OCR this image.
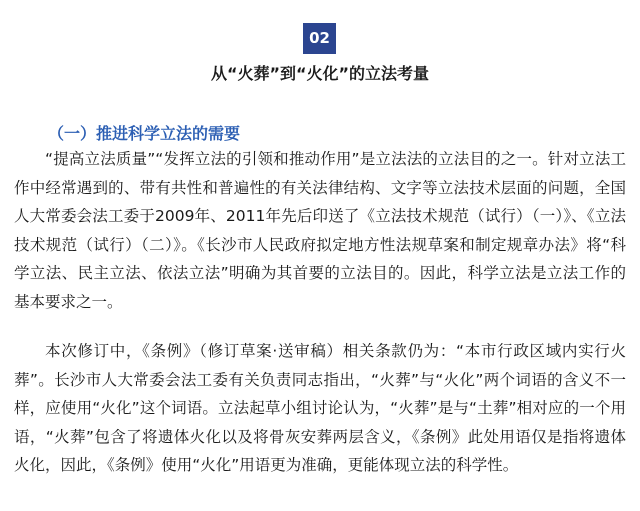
02
从“火葬”到“火化”的立法考量
（一）推进科学立法的需要

“提高立法质量”“发挥立法的引领和推动作用”是立法法的立法目的之一。针对立法工作中经常遇到的、带有共性和普遍性的有关法律结构、文字等立法技术层面的问题，全国人大常委会法工委于2009年、2011年先后印送了《立法技术规范（试行）（一）》、《立法技术规范（试行）（二）》。《长沙市人民政府拟定地方性法规草案和制定规章办法》将“科学立法、民主立法、依法立法”明确为其首要的立法目的。因此，科学立法是立法工作的基本要求之一。

本次修订中，《条例》（修订草案·送审稿）相关条款仍为：“本市行政区域内实行火葬”。长沙市人大常委会法工委有关负责同志指出，“火葬”与“火化”两个词语的含义不一样，应使用“火化”这个词语。立法起草小组讨论认为，“火葬”是与“土葬”相对应的一个用语，“火葬”包含了将遗体火化以及将骨灰安葬两层含义，《条例》此处用语仅是指将遗体火化，因此，《条例》使用“火化”用语更为准确，更能体现立法的科学性。
